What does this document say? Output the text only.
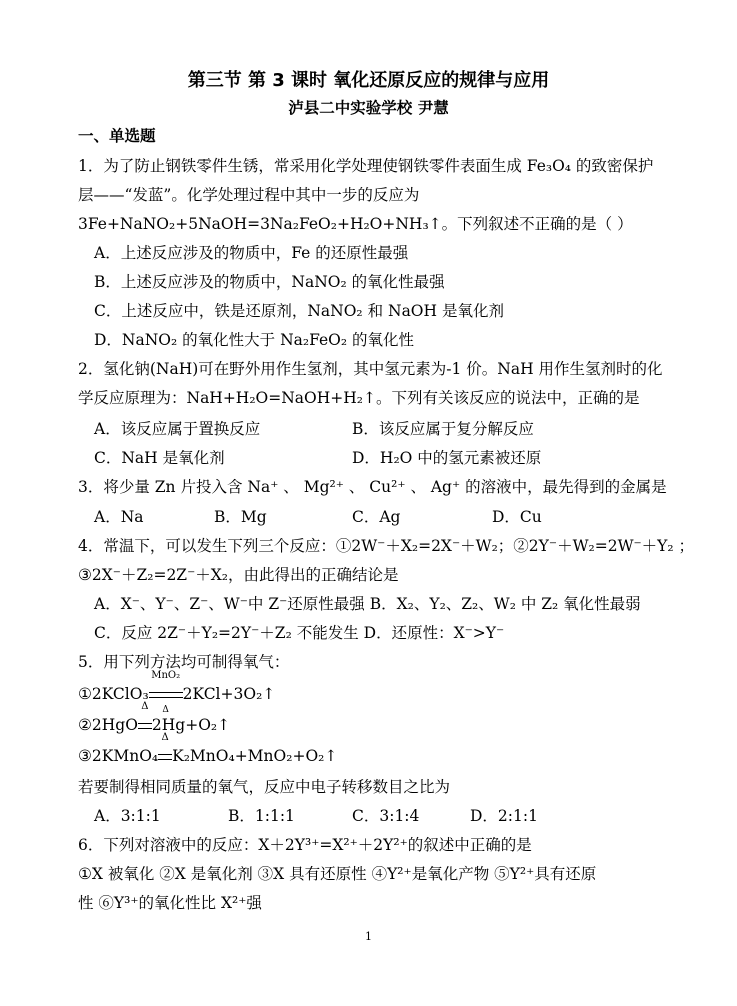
第三节 第 3 课时 氧化还原反应的规律与应用
泸县二中实验学校 尹慧
一、单选题
1．为了防止钢铁零件生锈，常采用化学处理使钢铁零件表面生成 Fe₃O₄ 的致密保护
层——“发蓝”。化学处理过程中其中一步的反应为
3Fe+NaNO₂+5NaOH=3Na₂FeO₂+H₂O+NH₃↑。下列叙述不正确的是（ ）
A．上述反应涉及的物质中，Fe 的还原性最强
B．上述反应涉及的物质中，NaNO₂ 的氧化性最强
C．上述反应中，铁是还原剂，NaNO₂ 和 NaOH 是氧化剂
D．NaNO₂ 的氧化性大于 Na₂FeO₂ 的氧化性
2．氢化钠(NaH)可在野外用作生氢剂，其中氢元素为-1 价。NaH 用作生氢剂时的化
学反应原理为：NaH+H₂O=NaOH+H₂↑。下列有关该反应的说法中，正确的是
A．该反应属于置换反应	B．该反应属于复分解反应
C．NaH 是氧化剂	D．H₂O 中的氢元素被还原
3．将少量 Zn 片投入含 Na⁺ 、 Mg²⁺ 、 Cu²⁺ 、 Ag⁺ 的溶液中，最先得到的金属是
A．Na	B．Mg	C．Ag	D．Cu
4．常温下，可以发生下列三个反应：①2W⁻＋X₂=2X⁻＋W₂；②2Y⁻＋W₂=2W⁻＋Y₂ ；
③2X⁻＋Z₂=2Z⁻＋X₂，由此得出的正确结论是
A．X⁻、Y⁻、Z⁻、W⁻中 Z⁻还原性最强 B．X₂、Y₂、Z₂、W₂ 中 Z₂ 氧化性最弱
C．反应 2Z⁻＋Y₂=2Y⁻＋Z₂ 不能发生 D．还原性：X⁻>Y⁻
5．用下列方法均可制得氧气：
①2KClO₃
MnO₂
Δ
2KCl+3O₂↑
②2HgO
Δ
2Hg+O₂↑
③2KMnO₄
Δ
K₂MnO₄+MnO₂+O₂↑
若要制得相同质量的氧气，反应中电子转移数目之比为
A．3:1:1	B．1:1:1	C．3:1:4	D．2:1:1
6．下列对溶液中的反应：X＋2Y³⁺=X²⁺＋2Y²⁺的叙述中正确的是
①X 被氧化 ②X 是氧化剂 ③X 具有还原性 ④Y²⁺是氧化产物 ⑤Y²⁺具有还原
性 ⑥Y³⁺的氧化性比 X²⁺强
1
